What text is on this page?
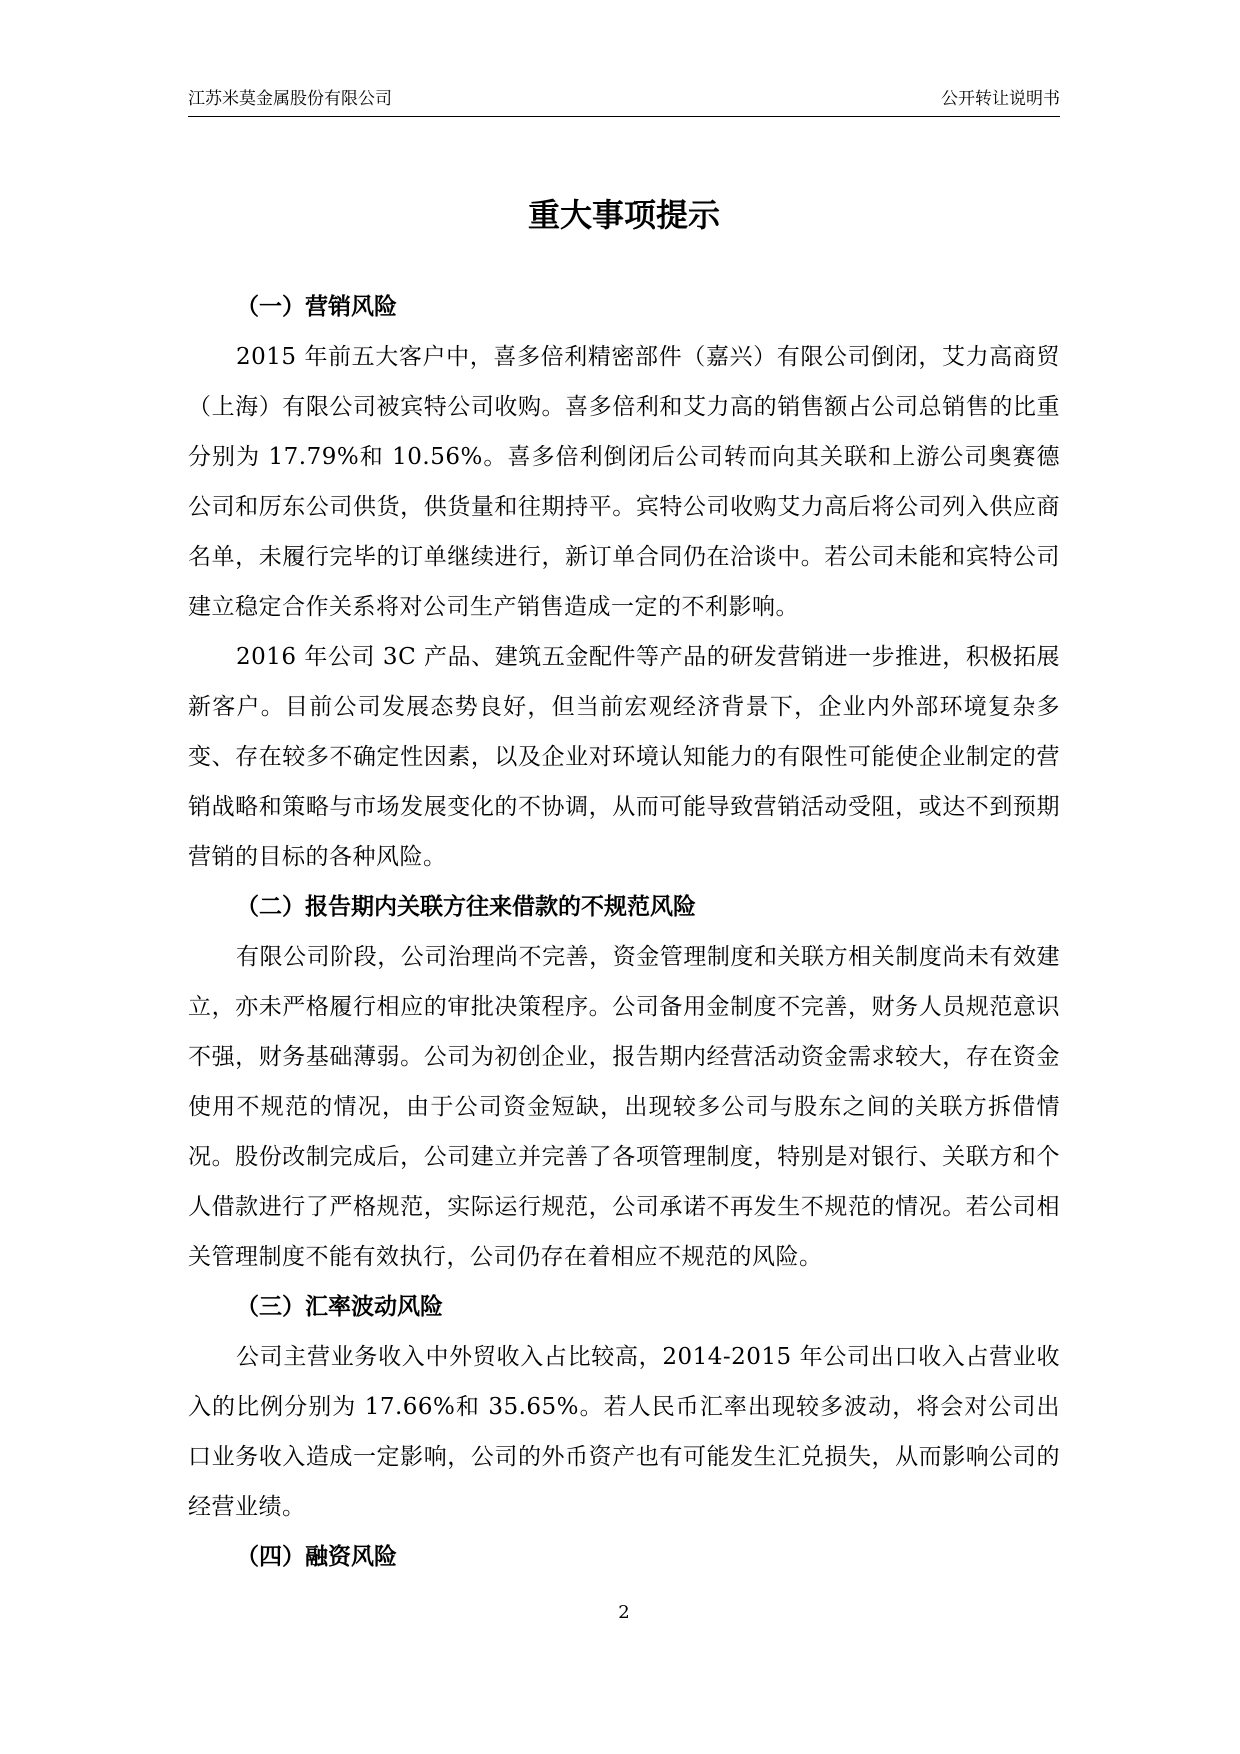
江苏米莫金属股份有限公司	公开转让说明书
重大事项提示

（一）营销风险

2015 年前五大客户中，喜多倍利精密部件（嘉兴）有限公司倒闭，艾力高商贸（上海）有限公司被宾特公司收购。喜多倍利和艾力高的销售额占公司总销售的比重分别为 17.79%和 10.56%。喜多倍利倒闭后公司转而向其关联和上游公司奥赛德公司和厉东公司供货，供货量和往期持平。宾特公司收购艾力高后将公司列入供应商名单，未履行完毕的订单继续进行，新订单合同仍在洽谈中。若公司未能和宾特公司建立稳定合作关系将对公司生产销售造成一定的不利影响。

2016 年公司 3C 产品、建筑五金配件等产品的研发营销进一步推进，积极拓展新客户。目前公司发展态势良好，但当前宏观经济背景下，企业内外部环境复杂多变、存在较多不确定性因素，以及企业对环境认知能力的有限性可能使企业制定的营销战略和策略与市场发展变化的不协调，从而可能导致营销活动受阻，或达不到预期营销的目标的各种风险。

（二）报告期内关联方往来借款的不规范风险

有限公司阶段，公司治理尚不完善，资金管理制度和关联方相关制度尚未有效建立，亦未严格履行相应的审批决策程序。公司备用金制度不完善，财务人员规范意识不强，财务基础薄弱。公司为初创企业，报告期内经营活动资金需求较大，存在资金使用不规范的情况，由于公司资金短缺，出现较多公司与股东之间的关联方拆借情况。股份改制完成后，公司建立并完善了各项管理制度，特别是对银行、关联方和个人借款进行了严格规范，实际运行规范，公司承诺不再发生不规范的情况。若公司相关管理制度不能有效执行，公司仍存在着相应不规范的风险。

（三）汇率波动风险

公司主营业务收入中外贸收入占比较高，2014-2015 年公司出口收入占营业收入的比例分别为 17.66%和 35.65%。若人民币汇率出现较多波动，将会对公司出口业务收入造成一定影响，公司的外币资产也有可能发生汇兑损失，从而影响公司的经营业绩。

（四）融资风险

2
